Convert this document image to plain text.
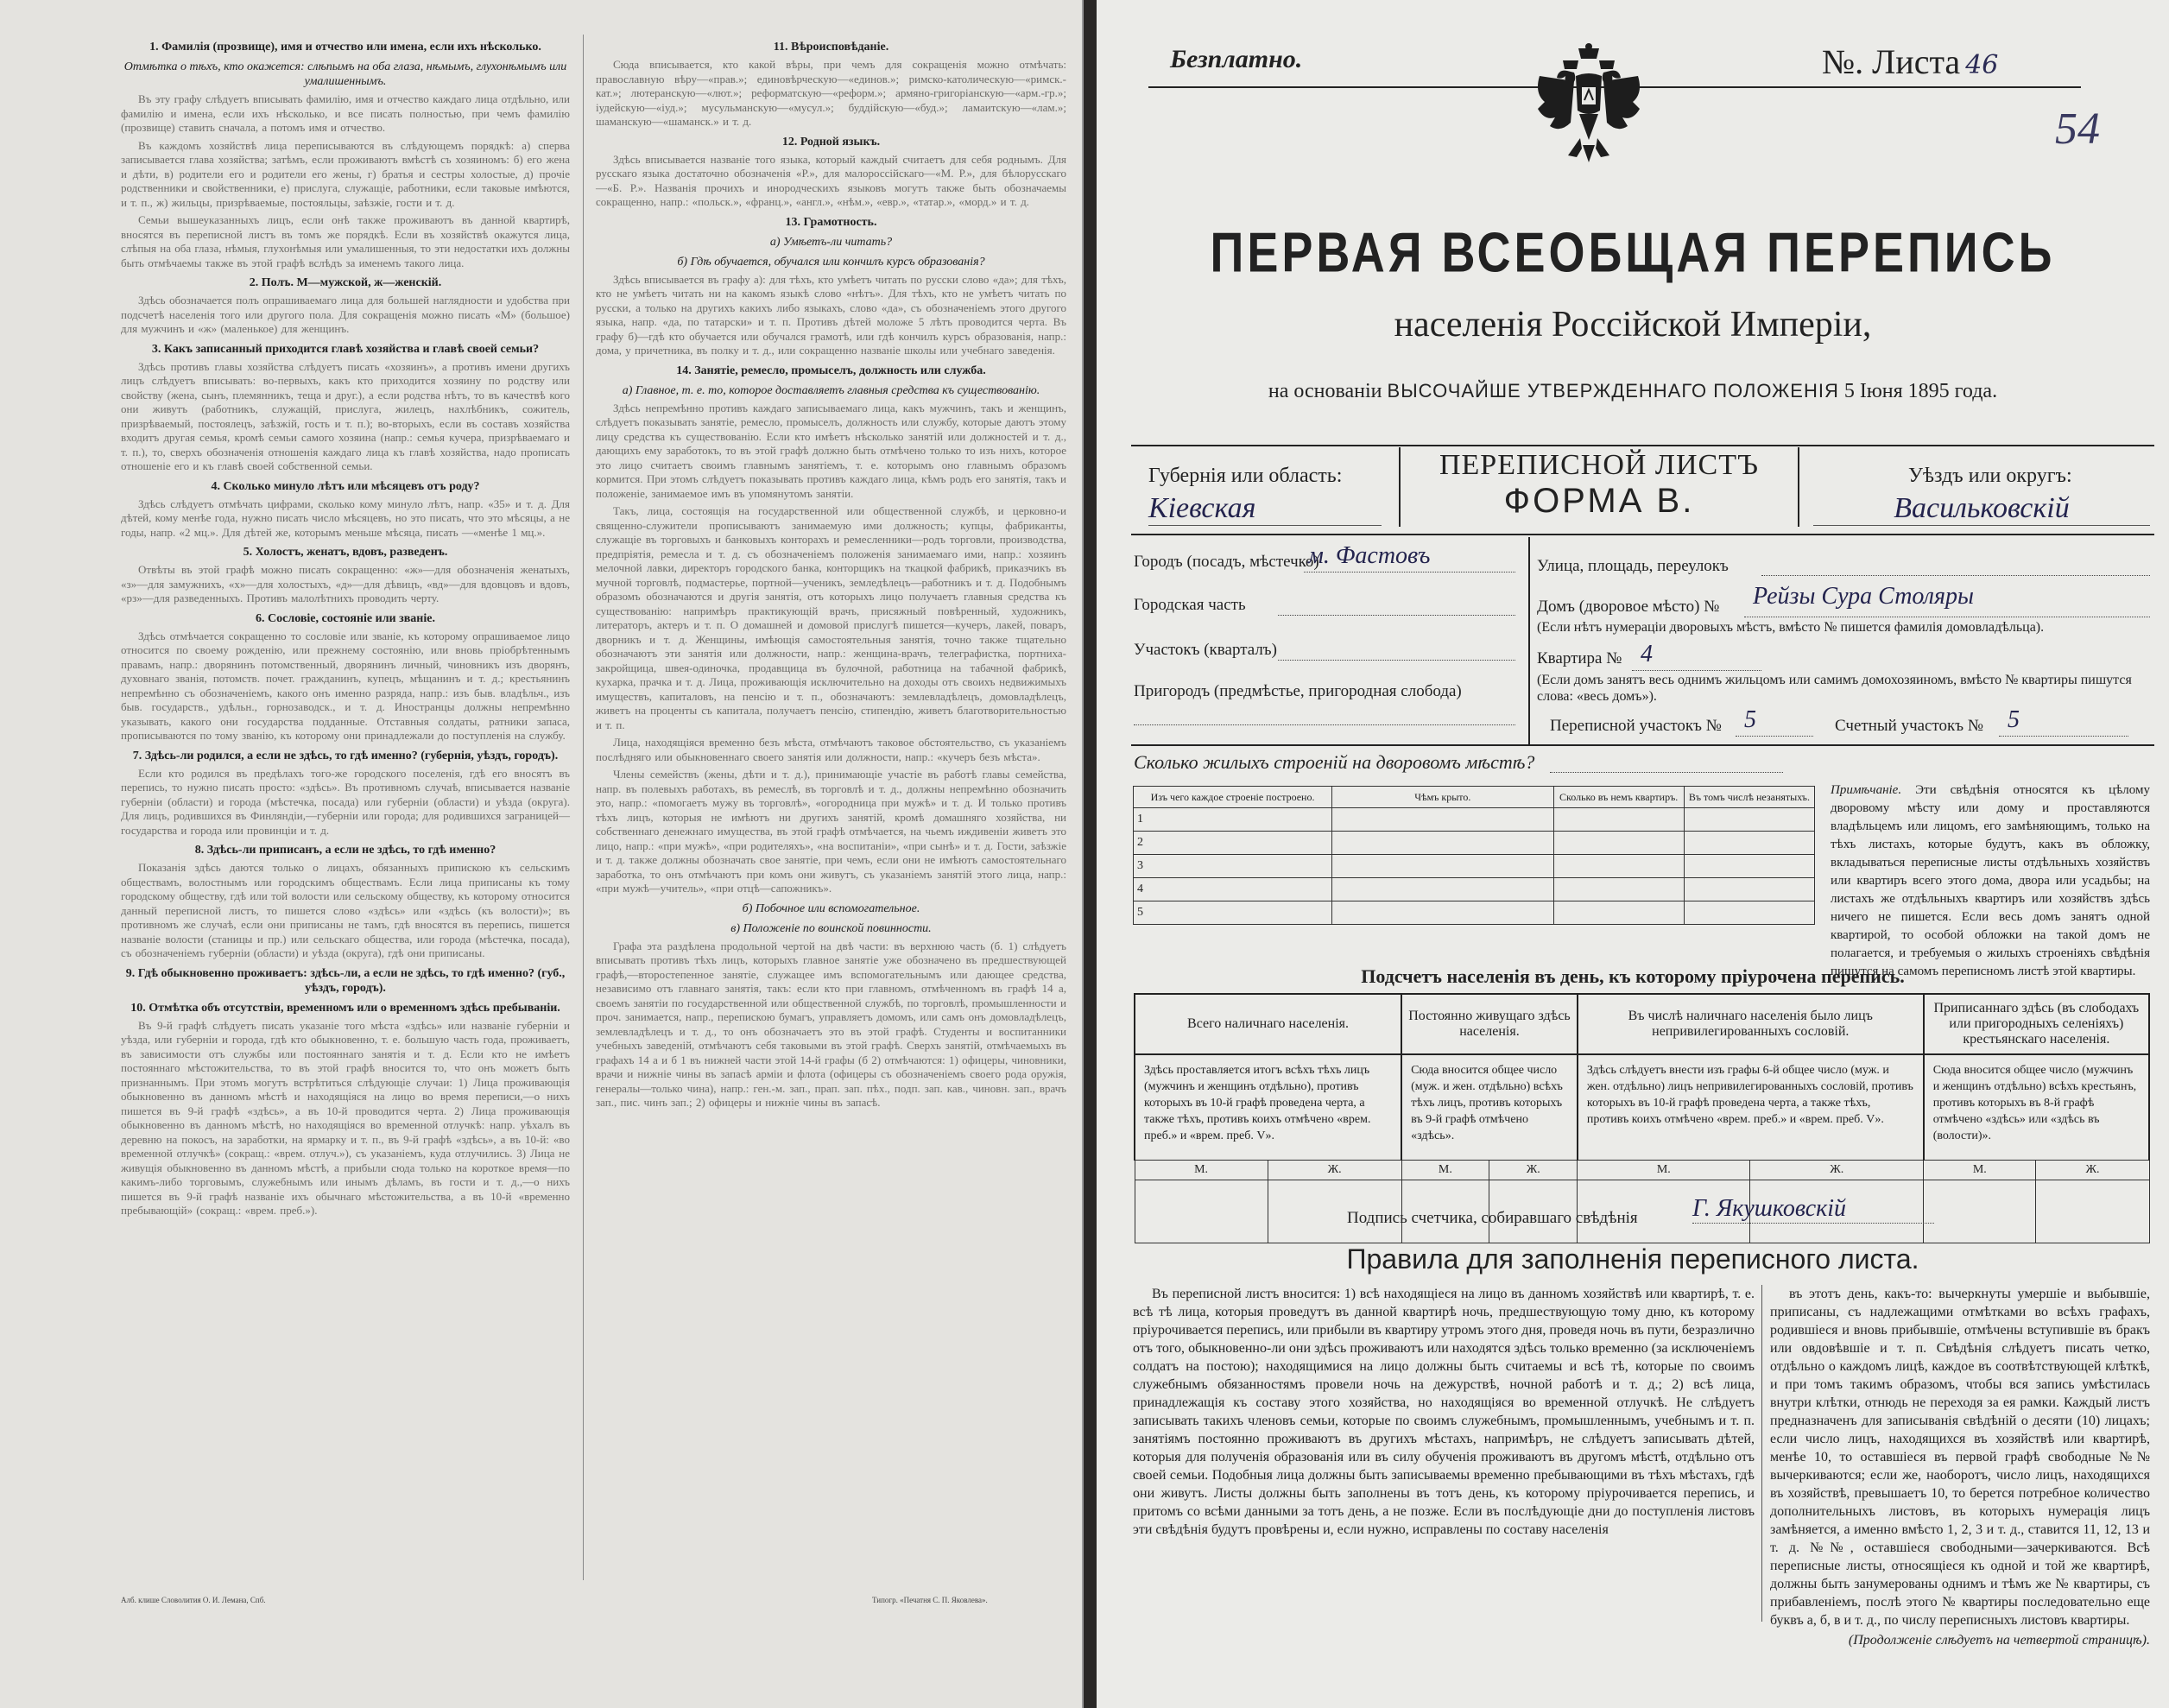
1. Фамилія (прозвище), имя и отчество или имена, если ихъ нѣсколько.
Отмѣтка о тѣхъ, кто окажется: слѣпымъ на оба глаза, нѣмымъ, глухонѣмымъ или умалишеннымъ.

Въ эту графу слѣдуетъ вписывать фамилію, имя и отчество каждаго лица отдѣльно, или фамилію и имена, если ихъ нѣсколько, и все писать полностью, при чемъ фамилію (прозвище) ставить сначала, а потомъ имя и отчество.

Въ каждомъ хозяйствѣ лица переписываются въ слѣдующемъ порядкѣ: а) сперва записывается глава хозяйства; затѣмъ, если проживаютъ вмѣстѣ съ хозяиномъ: б) его жена и дѣти, в) родители его и родители его жены, г) братья и сестры холостые, д) прочіе родственники и свойственники, е) прислуга, служащіе, работники, если таковые имѣются, и т. п., ж) жильцы, призрѣваемые, постояльцы, заѣзжіе, гости и т. д.

Семьи вышеуказанныхъ лицъ, если онѣ также проживаютъ въ данной квартирѣ, вносятся въ переписной листъ въ томъ же порядкѣ. Если въ хозяйствѣ окажутся лица, слѣпыя на оба глаза, нѣмыя, глухонѣмыя или умалишенныя, то эти недостатки ихъ должны быть отмѣчаемы также въ этой графѣ вслѣдъ за именемъ такого лица.

2. Полъ. М—мужской, ж—женскій.

Здѣсь обозначается полъ опрашиваемаго лица для большей наглядности и удобства при подсчетѣ населенія того или другого пола. Для сокращенія можно писать «М» (большое) для мужчинъ и «ж» (маленькое) для женщинъ.

3. Какъ записанный приходится главѣ хозяйства и главѣ своей семьи?

Здѣсь противъ главы хозяйства слѣдуетъ писать «хозяинъ», а противъ имени другихъ лицъ слѣдуетъ вписывать: во-первыхъ, какъ кто приходится хозяину по родству или свойству (жена, сынъ, племянникъ, теща и друг.), а если родства нѣтъ, то въ качествѣ кого они живутъ (работникъ, служащій, прислуга, жилецъ, нахлѣбникъ, сожитель, призрѣваемый, постоялецъ, заѣзжій, гость и т. п.); во-вторыхъ, если въ составъ хозяйства входитъ другая семья, кромѣ семьи самого хозяина (напр.: семья кучера, призрѣваемаго и т. п.), то, сверхъ обозначенія отношенія каждаго лица къ главѣ хозяйства, надо прописать отношеніе его и къ главѣ своей собственной семьи.

4. Сколько минуло лѣтъ или мѣсяцевъ отъ роду?

Здѣсь слѣдуетъ отмѣчать цифрами, сколько кому минуло лѣтъ, напр. «35» и т. д. Для дѣтей, кому менѣе года, нужно писать число мѣсяцевъ, но это писать, что это мѣсяцы, а не годы, напр. «2 мц.». Для дѣтей же, которымъ меньше мѣсяца, писать —«менѣе 1 мц.».

5. Холостъ, женатъ, вдовъ, разведенъ.

Отвѣты въ этой графѣ можно писать сокращенно: «ж»—для обозначенія женатыхъ, «з»—для замужнихъ, «х»—для холостыхъ, «д»—для дѣвицъ, «вд»—для вдовцовъ и вдовъ, «рз»—для разведенныхъ. Противъ малолѣтнихъ проводить черту.

6. Сословіе, состояніе или званіе.

Здѣсь отмѣчается сокращенно то сословіе или званіе, къ которому опрашиваемое лицо относится по своему рожденію, или прежнему состоянію, или вновь пріобрѣтеннымъ правамъ, напр.: дворянинъ потомственный, дворянинъ личный, чиновникъ изъ дворянъ, духовнаго званія, потомств. почет. гражданинъ, купецъ, мѣщанинъ и т. д.; крестьянинъ непремѣнно съ обозначеніемъ, какого онъ именно разряда, напр.: изъ быв. владѣльч., изъ быв. государств., удѣльн., горнозаводск., и т. д. Иностранцы должны непремѣнно указывать, какого они государства подданные. Отставныя солдаты, ратники запаса, прописываются по тому званію, къ которому они принадлежали до поступленія на службу.

7. Здѣсь-ли родился, а если не здѣсь, то гдѣ именно? (губернія, уѣздъ, городъ).

Если кто родился въ предѣлахъ того-же городского поселенія, гдѣ его вносятъ въ перепись, то нужно писать просто: «здѣсь». Въ противномъ случаѣ, вписывается названіе губерніи (области) и города (мѣстечка, посада) или губерніи (области) и уѣзда (округа). Для лицъ, родившихся въ Финляндіи,—губерніи или города; для родившихся заграницей—государства и города или провинціи и т. д.

8. Здѣсь-ли приписанъ, а если не здѣсь, то гдѣ именно?

Показанія здѣсь даются только о лицахъ, обязанныхъ припискою къ сельскимъ обществамъ, волостнымъ или городскимъ обществамъ. Если лица приписаны къ тому городскому обществу, гдѣ или той волости или сельскому обществу, къ которому относится данный переписной листъ, то пишется слово «здѣсь» или «здѣсь (къ волости)»; въ противномъ же случаѣ, если они приписаны не тамъ, гдѣ вносятся въ перепись, пишется названіе волости (станицы и пр.) или сельскаго общества, или города (мѣстечка, посада), съ обозначеніемъ губерніи (области) и уѣзда (округа), гдѣ они приписаны.

9. Гдѣ обыкновенно проживаетъ: здѣсь-ли, а если не здѣсь, то гдѣ именно? (губ., уѣздъ, городъ).
10. Отмѣтка объ отсутствіи, временномъ или о временномъ здѣсь пребываніи.

Въ 9-й графѣ слѣдуетъ писать указаніе того мѣста «здѣсь» или названіе губерніи и уѣзда, или губерніи и города, гдѣ кто обыкновенно, т. е. большую часть года, проживаетъ, въ зависимости отъ службы или постояннаго занятія и т. д. Если кто не имѣетъ постояннаго мѣстожительства, то въ этой графѣ вносится то, что онъ можетъ быть признаннымъ. При этомъ могутъ встрѣтиться слѣдующіе случаи: 1) Лица проживающія обыкновенно въ данномъ мѣстѣ и находящіяся на лицо во время переписи,—о нихъ пишется въ 9-й графѣ «здѣсь», а въ 10-й проводится черта. 2) Лица проживающія обыкновенно въ данномъ мѣстѣ, но находящіяся во временной отлучкѣ: напр. уѣхалъ въ деревню на покосъ, на заработки, на ярмарку и т. п., въ 9-й графѣ «здѣсь», а въ 10-й: «во временной отлучкѣ» (сокращ.: «врем. отлуч.»), съ указаніемъ, куда отлучились. 3) Лица не живущія обыкновенно въ данномъ мѣстѣ, а прибыли сюда только на короткое время—по какимъ-либо торговымъ, служебнымъ или инымъ дѣламъ, въ гости и т. д.,—о нихъ пишется въ 9-й графѣ названіе ихъ обычнаго мѣстожительства, а въ 10-й «временно пребывающій» (сокращ.: «врем. преб.»).

11. Вѣроисповѣданіе.

Сюда вписывается, кто какой вѣры, при чемъ для сокращенія можно отмѣчать: православную вѣру—«прав.»; единовѣрческую—«единов.»; римско-католическую—«римск.-кат.»; лютеранскую—«лют.»; реформатскую—«реформ.»; армяно-григоріанскую—«арм.-гр.»; іудейскую—«іуд.»; мусульманскую—«мусул.»; буддійскую—«буд.»; ламаитскую—«лам.»; шаманскую—«шаманск.» и т. д.

12. Родной языкъ.

Здѣсь вписывается названіе того языка, который каждый считаетъ для себя роднымъ. Для русскаго языка достаточно обозначенія «Р.», для малороссійскаго—«М. Р.», для бѣлорусскаго—«Б. Р.». Названія прочихъ и инородческихъ языковъ могутъ также быть обозначаемы сокращенно, напр.: «польск.», «франц.», «англ.», «нѣм.», «евр.», «татар.», «морд.» и т. д.

13. Грамотность.
а) Умѣетъ-ли читать?
б) Гдѣ обучается, обучался или кончилъ курсъ образованія?

Здѣсь вписывается въ графу а): для тѣхъ, кто умѣетъ читать по русски слово «да»; для тѣхъ, кто не умѣетъ читать ни на какомъ языкѣ слово «нѣтъ». Для тѣхъ, кто не умѣетъ читать по русски, а только на другихъ какихъ либо языкахъ, слово «да», съ обозначеніемъ этого другого языка, напр. «да, по татарски» и т. п. Противъ дѣтей моложе 5 лѣтъ проводится черта. Въ графу б)—гдѣ кто обучается или обучался грамотѣ, или гдѣ кончилъ курсъ образованія, напр.: дома, у причетника, въ полку и т. д., или сокращенно названіе школы или учебнаго заведенія.

14. Занятіе, ремесло, промыселъ, должность или служба.
а) Главное, т. е. то, которое доставляетъ главныя средства къ существованію.

Здѣсь непремѣнно противъ каждаго записываемаго лица, какъ мужчинъ, такъ и женщинъ, слѣдуетъ показывать занятіе, ремесло, промыселъ, должность или службу, которые даютъ этому лицу средства къ существованію. Если кто имѣетъ нѣсколько занятій или должностей и т. д., дающихъ ему заработокъ, то въ этой графѣ должно быть отмѣчено только то изъ нихъ, которое это лицо считаетъ своимъ главнымъ занятіемъ, т. е. которымъ оно главнымъ образомъ кормится. При этомъ слѣдуетъ показывать противъ каждаго лица, кѣмъ родъ его занятія, такъ и положеніе, занимаемое имъ въ упомянутомъ занятіи.

Такъ, лица, состоящія на государственной или общественной службѣ, и церковно-и священно-служители прописываютъ занимаемую ими должность; купцы, фабриканты, служащіе въ торговыхъ и банковыхъ конторахъ и ремесленники—родъ торговли, производства, предпріятія, ремесла и т. д. съ обозначеніемъ положенія занимаемаго ими, напр.: хозяинъ мелочной лавки, директоръ городского банка, конторщикъ на ткацкой фабрикѣ, приказчикъ въ мучной торговлѣ, подмастерье, портной—ученикъ, земледѣлецъ—работникъ и т. д. Подобнымъ образомъ обозначаются и другія занятія, отъ которыхъ лицо получаетъ главныя средства къ существованію: напримѣръ практикующій врачъ, присяжный повѣренный, художникъ, литераторъ, актеръ и т. п. О домашней и домовой прислугѣ пишется—кучеръ, лакей, поваръ, дворникъ и т. д. Женщины, имѣющія самостоятельныя занятія, точно также тщательно обозначаютъ эти занятія или должности, напр.: женщина-врачъ, телеграфистка, портниха-закройщица, швея-одиночка, продавщица въ булочной, работница на табачной фабрикѣ, кухарка, прачка и т. д. Лица, проживающія исключительно на доходы отъ своихъ недвижимыхъ имуществъ, капиталовъ, на пенсію и т. п., обозначаютъ: землевладѣлецъ, домовладѣлецъ, живетъ на проценты съ капитала, получаетъ пенсію, стипендію, живетъ благотворительностью и т. п.

Лица, находящіяся временно безъ мѣста, отмѣчаютъ таковое обстоятельство, съ указаніемъ послѣдняго или обыкновеннаго своего занятія или должности, напр.: «кучеръ безъ мѣста».

Члены семействъ (жены, дѣти и т. д.), принимающіе участіе въ работѣ главы семейства, напр. въ полевыхъ работахъ, въ ремеслѣ, въ торговлѣ и т. д., должны непремѣнно обозначить это, напр.: «помогаетъ мужу въ торговлѣ», «огородница при мужѣ» и т. д. И только противъ тѣхъ лицъ, которыя не имѣютъ ни другихъ занятій, кромѣ домашняго хозяйства, ни собственнаго денежнаго имущества, въ этой графѣ отмѣчается, на чьемъ иждивеніи живетъ это лицо, напр.: «при мужѣ», «при родителяхъ», «на воспитаніи», «при сынѣ» и т. д. Гости, заѣзжіе и т. д. также должны обозначать свое занятіе, при чемъ, если они не имѣютъ самостоятельнаго заработка, то онъ отмѣчаютъ при комъ они живутъ, съ указаніемъ занятій этого лица, напр.: «при мужѣ—учитель», «при отцѣ—сапожникъ».

б) Побочное или вспомогательное.
в) Положеніе по воинской повинности.

Графа эта раздѣлена продольной чертой на двѣ части: въ верхнюю часть (б. 1) слѣдуетъ вписывать противъ тѣхъ лицъ, которыхъ главное занятіе уже обозначено въ предшествующей графѣ,—второстепенное занятіе, служащее имъ вспомогательнымъ или дающее средства, независимо отъ главнаго занятія, такъ: если кто при главномъ, отмѣченномъ въ графѣ 14 а, своемъ занятіи по государственной или общественной службѣ, по торговлѣ, промышленности и проч. занимается, напр., перепискою бумагъ, управляетъ домомъ, или самъ онъ домовладѣлецъ, землевладѣлецъ и т. д., то онъ обозначаетъ это въ этой графѣ. Студенты и воспитанники учебныхъ заведеній, отмѣчаютъ себя таковыми въ этой графѣ. Сверхъ занятій, отмѣчаемыхъ въ графахъ 14 а и б 1 въ нижней части этой 14-й графы (б 2) отмѣчаются: 1) офицеры, чиновники, врачи и нижніе чины въ запасѣ арміи и флота (офицеры съ обозначеніемъ своего рода оружія, генералы—только чина), напр.: ген.-м. зап., прап. зап. пѣх., подп. зап. кав., чиновн. зап., врачъ зап., пис. чинъ зап.; 2) офицеры и нижніе чины въ запасѣ.

Алб. клише Словолития О. И. Лемана, Спб.	Типогр. «Печатня С. П. Яковлева».
Безплатно.	№. Листа 46
54
ПЕРВАЯ ВСЕОБЩАЯ ПЕРЕПИСЬ
населенія Россійской Имперіи,
на основаніи ВЫСОЧАЙШЕ УТВЕРЖДЕННАГО ПОЛОЖЕНІЯ 5 Іюня 1895 года.
Губернія или область:
Кіевская
ПЕРЕПИСНОЙ ЛИСТЪ
ФОРМА В.
Уѣздъ или округъ:
Васильковскій
Городъ (посадъ, мѣстечко)
м. Фастовъ
Городская часть
Участокъ (кварталъ)
Пригородъ (предмѣстье, пригородная слобода)
Улица, площадь, переулокъ
Домъ (дворовое мѣсто) № Рейзы Сура Столяры
(Если нѣтъ нумераціи дворовыхъ мѣстъ, вмѣсто № пишется фамилія домовладѣльца).
Квартира № 4
(Если домъ занятъ весь однимъ жильцомъ или самимъ домохозяиномъ, вмѣсто № квартиры пишутся слова: «весь домъ»).
Переписной участокъ № 5	Счетный участокъ № 5
Сколько жилыхъ строеній на дворовомъ мѣстѣ?
Изъ чего каждое строеніе построено.	Чѣмъ крыто.	Сколько въ немъ квартиръ.	Въ томъ числѣ незанятыхъ.
1			
2			
3			
4			
5			
Примѣчаніе. Эти свѣдѣнія относятся къ цѣлому дворовому мѣсту или дому и проставляются владѣльцемъ или лицомъ, его замѣняющимъ, только на тѣхъ листахъ, которые будутъ, какъ въ обложку, вкладываться переписные листы отдѣльныхъ хозяйствъ или квартиръ всего этого дома, двора или усадьбы; на листахъ же отдѣльныхъ квартиръ или хозяйствъ здѣсь ничего не пишется. Если весь домъ занятъ одной квартирой, то особой обложки на такой домъ не полагается, и требуемыя о жилыхъ строеніяхъ свѣдѣнія пишутся на самомъ переписномъ листѣ этой квартиры.
Подсчетъ населенія въ день, къ которому пріурочена перепись.
Всего наличнаго населенія.		Постоянно живущаго здѣсь населенія.		Въ числѣ наличнаго населенія было лицъ непривилегированныхъ сословій.		Приписаннаго здѣсь (въ слободахъ или пригородныхъ селеніяхъ) крестьянскаго населенія.	
Здѣсь проставляется итогъ всѣхъ тѣхъ лицъ (мужчинъ и женщинъ отдѣльно), противъ которыхъ въ 10-й графѣ проведена черта, а также тѣхъ, противъ коихъ отмѣчено «врем. преб.» и «врем. преб. V».		Сюда вносится общее число (муж. и жен. отдѣльно) всѣхъ тѣхъ лицъ, противъ которыхъ въ 9-й графѣ отмѣчено «здѣсь».		Здѣсь слѣдуетъ внести изъ графы 6-й общее число (муж. и жен. отдѣльно) лицъ непривилегированныхъ сословій, противъ которыхъ въ 10-й графѣ проведена черта, а также тѣхъ, противъ коихъ отмѣчено «врем. преб.» и «врем. преб. V».		Сюда вносится общее число (мужчинъ и женщинъ отдѣльно) всѣхъ крестьянъ, противъ которыхъ въ 8-й графѣ отмѣчено «здѣсь» или «здѣсь въ (волости)».	
М.	Ж.	М.	Ж.	М.	Ж.	М.	Ж.

Подпись счетчика, собиравшаго свѣдѣнія Г. Якушковскій
Правила для заполненія переписного листа.

Въ переписной листъ вносится: 1) всѣ находящіеся на лицо въ данномъ хозяйствѣ или квартирѣ, т. е. всѣ тѣ лица, которыя проведутъ въ данной квартирѣ ночь, предшествующую тому дню, къ которому пріурочивается перепись, или прибыли въ квартиру утромъ этого дня, проведя ночь въ пути, безразлично отъ того, обыкновенно-ли они здѣсь проживаютъ или находятся здѣсь только временно (за исключеніемъ солдатъ на постою); находящимися на лицо должны быть считаемы и всѣ тѣ, которые по своимъ служебнымъ обязанностямъ провели ночь на дежурствѣ, ночной работѣ и т. д.; 2) всѣ лица, принадлежащія къ составу этого хозяйства, но находящіяся во временной отлучкѣ. Не слѣдуетъ записывать такихъ членовъ семьи, которые по своимъ служебнымъ, промышленнымъ, учебнымъ и т. п. занятіямъ постоянно проживаютъ въ другихъ мѣстахъ, напримѣръ, не слѣдуетъ записывать дѣтей, которыя для полученія образованія или въ силу обученія проживаютъ въ другомъ мѣстѣ, отдѣльно отъ своей семьи. Подобныя лица должны быть записываемы временно пребывающими въ тѣхъ мѣстахъ, гдѣ они живутъ. Листы должны быть заполнены въ тотъ день, къ которому пріурочивается перепись, и притомъ со всѣми данными за тотъ день, а не позже. Если въ послѣдующіе дни до поступленія листовъ эти свѣдѣнія будутъ провѣрены и, если нужно, исправлены по составу населенія

въ этотъ день, какъ-то: вычеркнуты умершіе и выбывшіе, приписаны, съ надлежащими отмѣтками во всѣхъ графахъ, родившіеся и вновь прибывшіе, отмѣчены вступившіе въ бракъ или овдовѣвшіе и т. п. Свѣдѣнія слѣдуетъ писать четко, отдѣльно о каждомъ лицѣ, каждое въ соотвѣтствующей клѣткѣ, и при томъ такимъ образомъ, чтобы вся запись умѣстилась внутри клѣтки, отнюдь не переходя за ея рамки. Каждый листъ предназначенъ для записыванія свѣдѣній о десяти (10) лицахъ; если число лицъ, находящихся въ хозяйствѣ или квартирѣ, менѣе 10, то оставшіеся въ первой графѣ свободные №№ вычеркиваются; если же, наоборотъ, число лицъ, находящихся въ хозяйствѣ, превышаетъ 10, то берется потребное количество дополнительныхъ листовъ, въ которыхъ нумерація лицъ замѣняется, а именно вмѣсто 1, 2, 3 и т. д., ставится 11, 12, 13 и т. д. №№, оставшіеся свободными—зачеркиваются. Всѣ переписные листы, относящіеся къ одной и той же квартирѣ, должны быть занумерованы однимъ и тѣмъ же № квартиры, съ прибавленіемъ, послѣ этого № квартиры последовательно еще буквъ а, б, в и т. д., по числу переписныхъ листовъ квартиры.

(Продолженіе слѣдуетъ на четвертой страницѣ).
